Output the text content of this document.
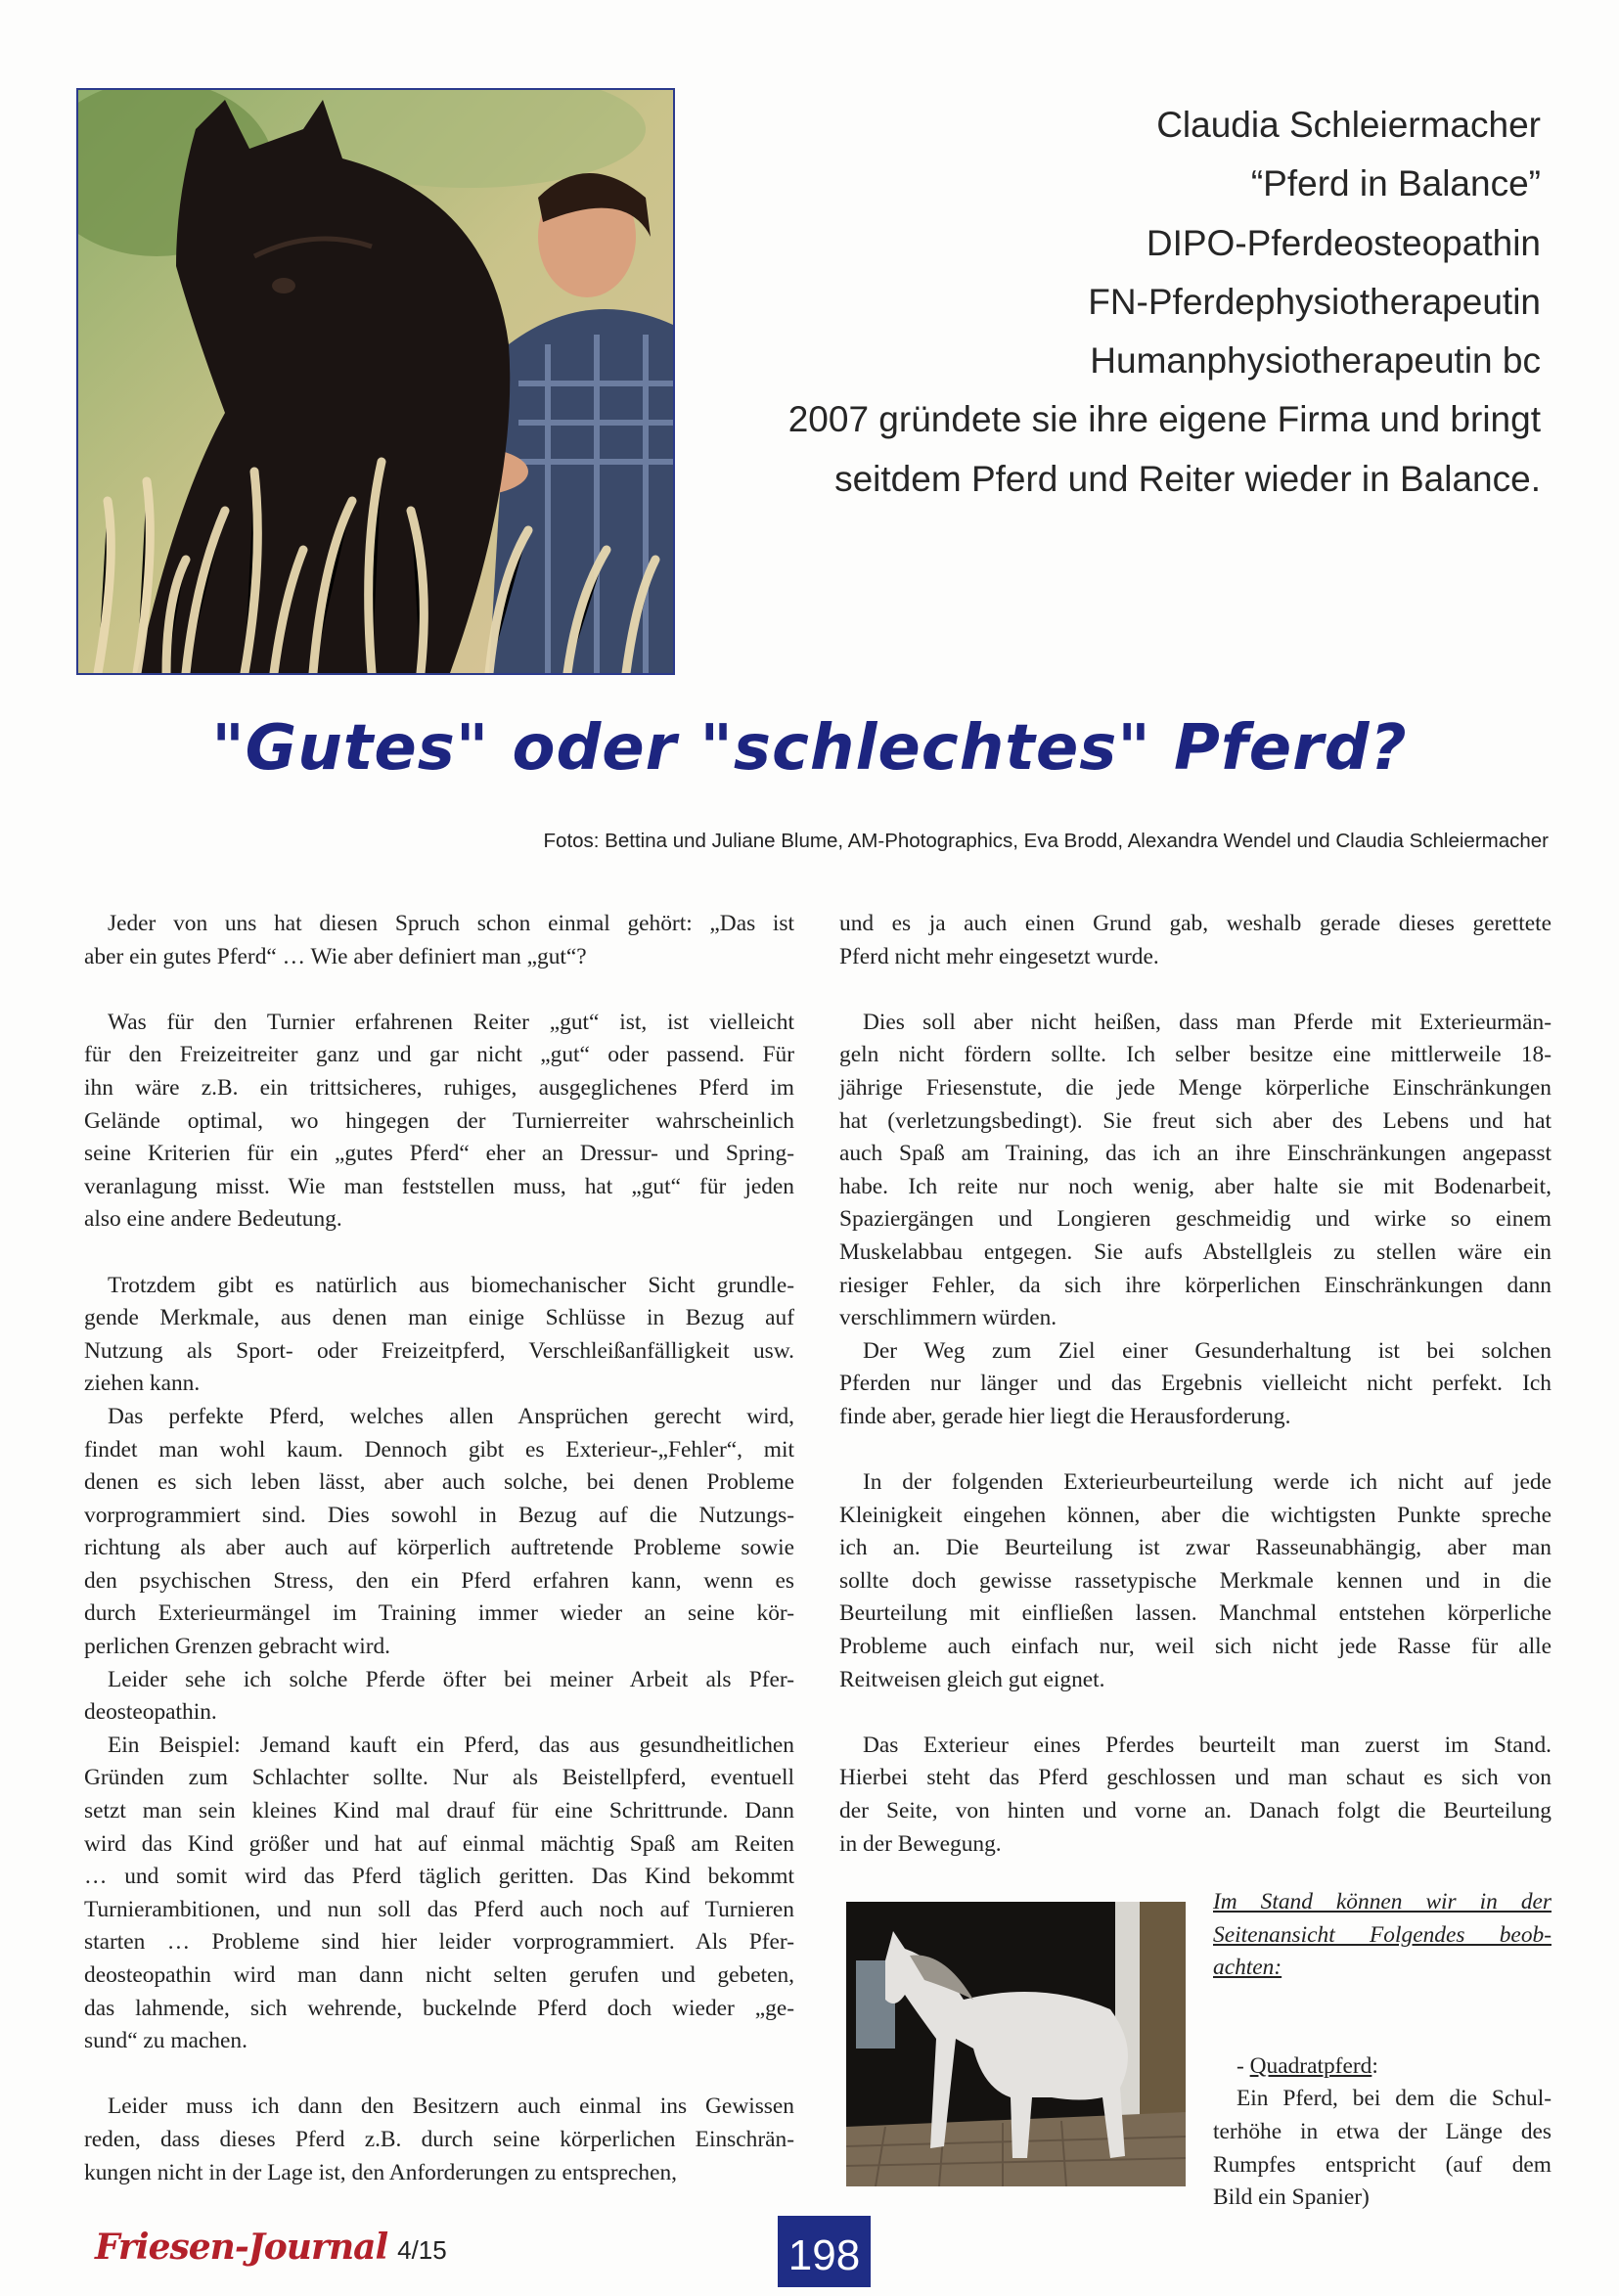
Claudia Schleiermacher
“Pferd in Balance”
DIPO-Pferdeosteopathin
FN-Pferdephysiotherapeutin
Humanphysiotherapeutin bc
2007 gründete sie ihre eigene Firma und bringt
seitdem Pferd und Reiter wieder in Balance.
"Gutes" oder "schlechtes" Pferd?
Fotos: Bettina und Juliane Blume, AM-Photographics, Eva Brodd, Alexandra Wendel und Claudia Schleiermacher
Jeder von uns hat diesen Spruch schon einmal gehört: „Das ist
aber ein gutes Pferd“ … Wie aber definiert man „gut“?
Was für den Turnier erfahrenen Reiter „gut“ ist, ist vielleicht
für den Freizeitreiter ganz und gar nicht „gut“ oder passend. Für
ihn wäre z.B. ein trittsicheres, ruhiges, ausgeglichenes Pferd im
Gelände optimal, wo hingegen der Turnierreiter wahrscheinlich
seine Kriterien für ein „gutes Pferd“ eher an Dressur- und Spring-
veranlagung misst. Wie man feststellen muss, hat „gut“ für jeden
also eine andere Bedeutung.
Trotzdem gibt es natürlich aus biomechanischer Sicht grundle-
gende Merkmale, aus denen man einige Schlüsse in Bezug auf
Nutzung als Sport- oder Freizeitpferd, Verschleißanfälligkeit usw.
ziehen kann.
Das perfekte Pferd, welches allen Ansprüchen gerecht wird,
findet man wohl kaum. Dennoch gibt es Exterieur-„Fehler“, mit
denen es sich leben lässt, aber auch solche, bei denen Probleme
vorprogrammiert sind. Dies sowohl in Bezug auf die Nutzungs-
richtung als aber auch auf körperlich auftretende Probleme sowie
den psychischen Stress, den ein Pferd erfahren kann, wenn es
durch Exterieurmängel im Training immer wieder an seine kör-
perlichen Grenzen gebracht wird.
Leider sehe ich solche Pferde öfter bei meiner Arbeit als Pfer-
deosteopathin.
Ein Beispiel: Jemand kauft ein Pferd, das aus gesundheitlichen
Gründen zum Schlachter sollte. Nur als Beistellpferd, eventuell
setzt man sein kleines Kind mal drauf für eine Schrittrunde. Dann
wird das Kind größer und hat auf einmal mächtig Spaß am Reiten
… und somit wird das Pferd täglich geritten. Das Kind bekommt
Turnierambitionen, und nun soll das Pferd auch noch auf Turnieren
starten … Probleme sind hier leider vorprogrammiert. Als Pfer-
deosteopathin wird man dann nicht selten gerufen und gebeten,
das lahmende, sich wehrende, buckelnde Pferd doch wieder „ge-
sund“ zu machen.
Leider muss ich dann den Besitzern auch einmal ins Gewissen
reden, dass dieses Pferd z.B. durch seine körperlichen Einschrän-
kungen nicht in der Lage ist, den Anforderungen zu entsprechen,
und es ja auch einen Grund gab, weshalb gerade dieses gerettete
Pferd nicht mehr eingesetzt wurde.
Dies soll aber nicht heißen, dass man Pferde mit Exterieurmän-
geln nicht fördern sollte. Ich selber besitze eine mittlerweile 18-
jährige Friesenstute, die jede Menge körperliche Einschränkungen
hat (verletzungsbedingt). Sie freut sich aber des Lebens und hat
auch Spaß am Training, das ich an ihre Einschränkungen angepasst
habe. Ich reite nur noch wenig, aber halte sie mit Bodenarbeit,
Spaziergängen und Longieren geschmeidig und wirke so einem
Muskelabbau entgegen. Sie aufs Abstellgleis zu stellen wäre ein
riesiger Fehler, da sich ihre körperlichen Einschränkungen dann
verschlimmern würden.
Der Weg zum Ziel einer Gesunderhaltung ist bei solchen
Pferden nur länger und das Ergebnis vielleicht nicht perfekt. Ich
finde aber, gerade hier liegt die Herausforderung.
In der folgenden Exterieurbeurteilung werde ich nicht auf jede
Kleinigkeit eingehen können, aber die wichtigsten Punkte spreche
ich an. Die Beurteilung ist zwar Rasseunabhängig, aber man
sollte doch gewisse rassetypische Merkmale kennen und in die
Beurteilung mit einfließen lassen. Manchmal entstehen körperliche
Probleme auch einfach nur, weil sich nicht jede Rasse für alle
Reitweisen gleich gut eignet.
Das Exterieur eines Pferdes beurteilt man zuerst im Stand.
Hierbei steht das Pferd geschlossen und man schaut es sich von
der Seite, von hinten und vorne an. Danach folgt die Beurteilung
in der Bewegung.
Im Stand können wir in der
Seitenansicht Folgendes beob-
achten:
- Quadratpferd:
Ein Pferd, bei dem die Schul-
terhöhe in etwa der Länge des
Rumpfes entspricht (auf dem
Bild ein Spanier)
Friesen-Journal 4/15	198
